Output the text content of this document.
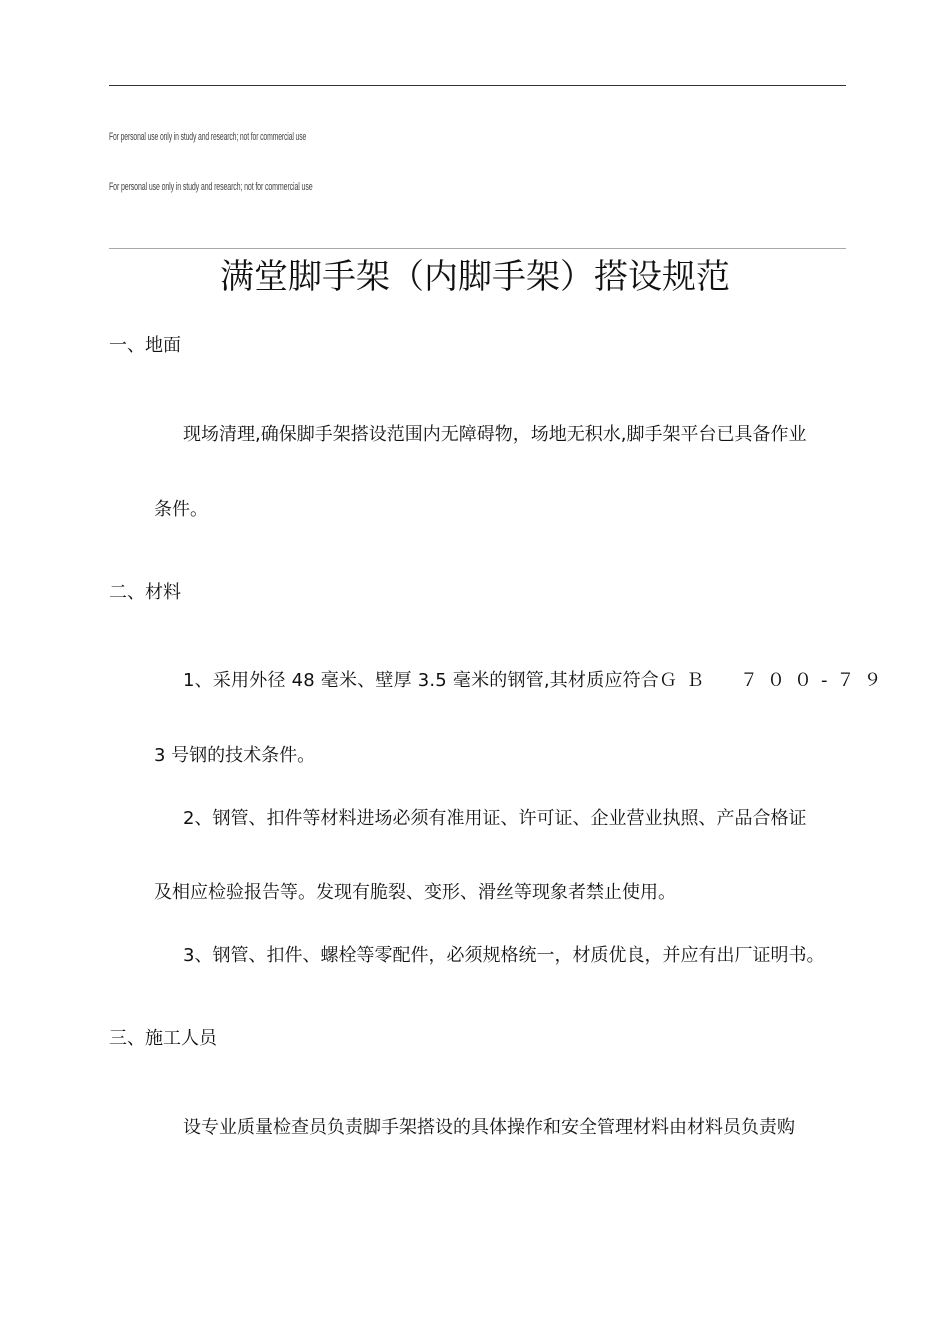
For personal use only in study and research; not for commercial use
For personal use only in study and research; not for commercial use
满堂脚手架（内脚手架）搭设规范
一、地面
现场清理,确保脚手架搭设范围内无障碍物，场地无积水,脚手架平台已具备作业
条件。
二、材料
1、采用外径 48 毫米、壁厚 3.5 毫米的钢管,其材质应符合ＧＢ　７００-７９
3 号钢的技术条件。
2、钢管、扣件等材料进场必须有准用证、许可证、企业营业执照、产品合格证
及相应检验报告等。发现有脆裂、变形、滑丝等现象者禁止使用。
3、钢管、扣件、螺栓等零配件，必须规格统一，材质优良，并应有出厂证明书。
三、施工人员
设专业质量检查员负责脚手架搭设的具体操作和安全管理材料由材料员负责购
